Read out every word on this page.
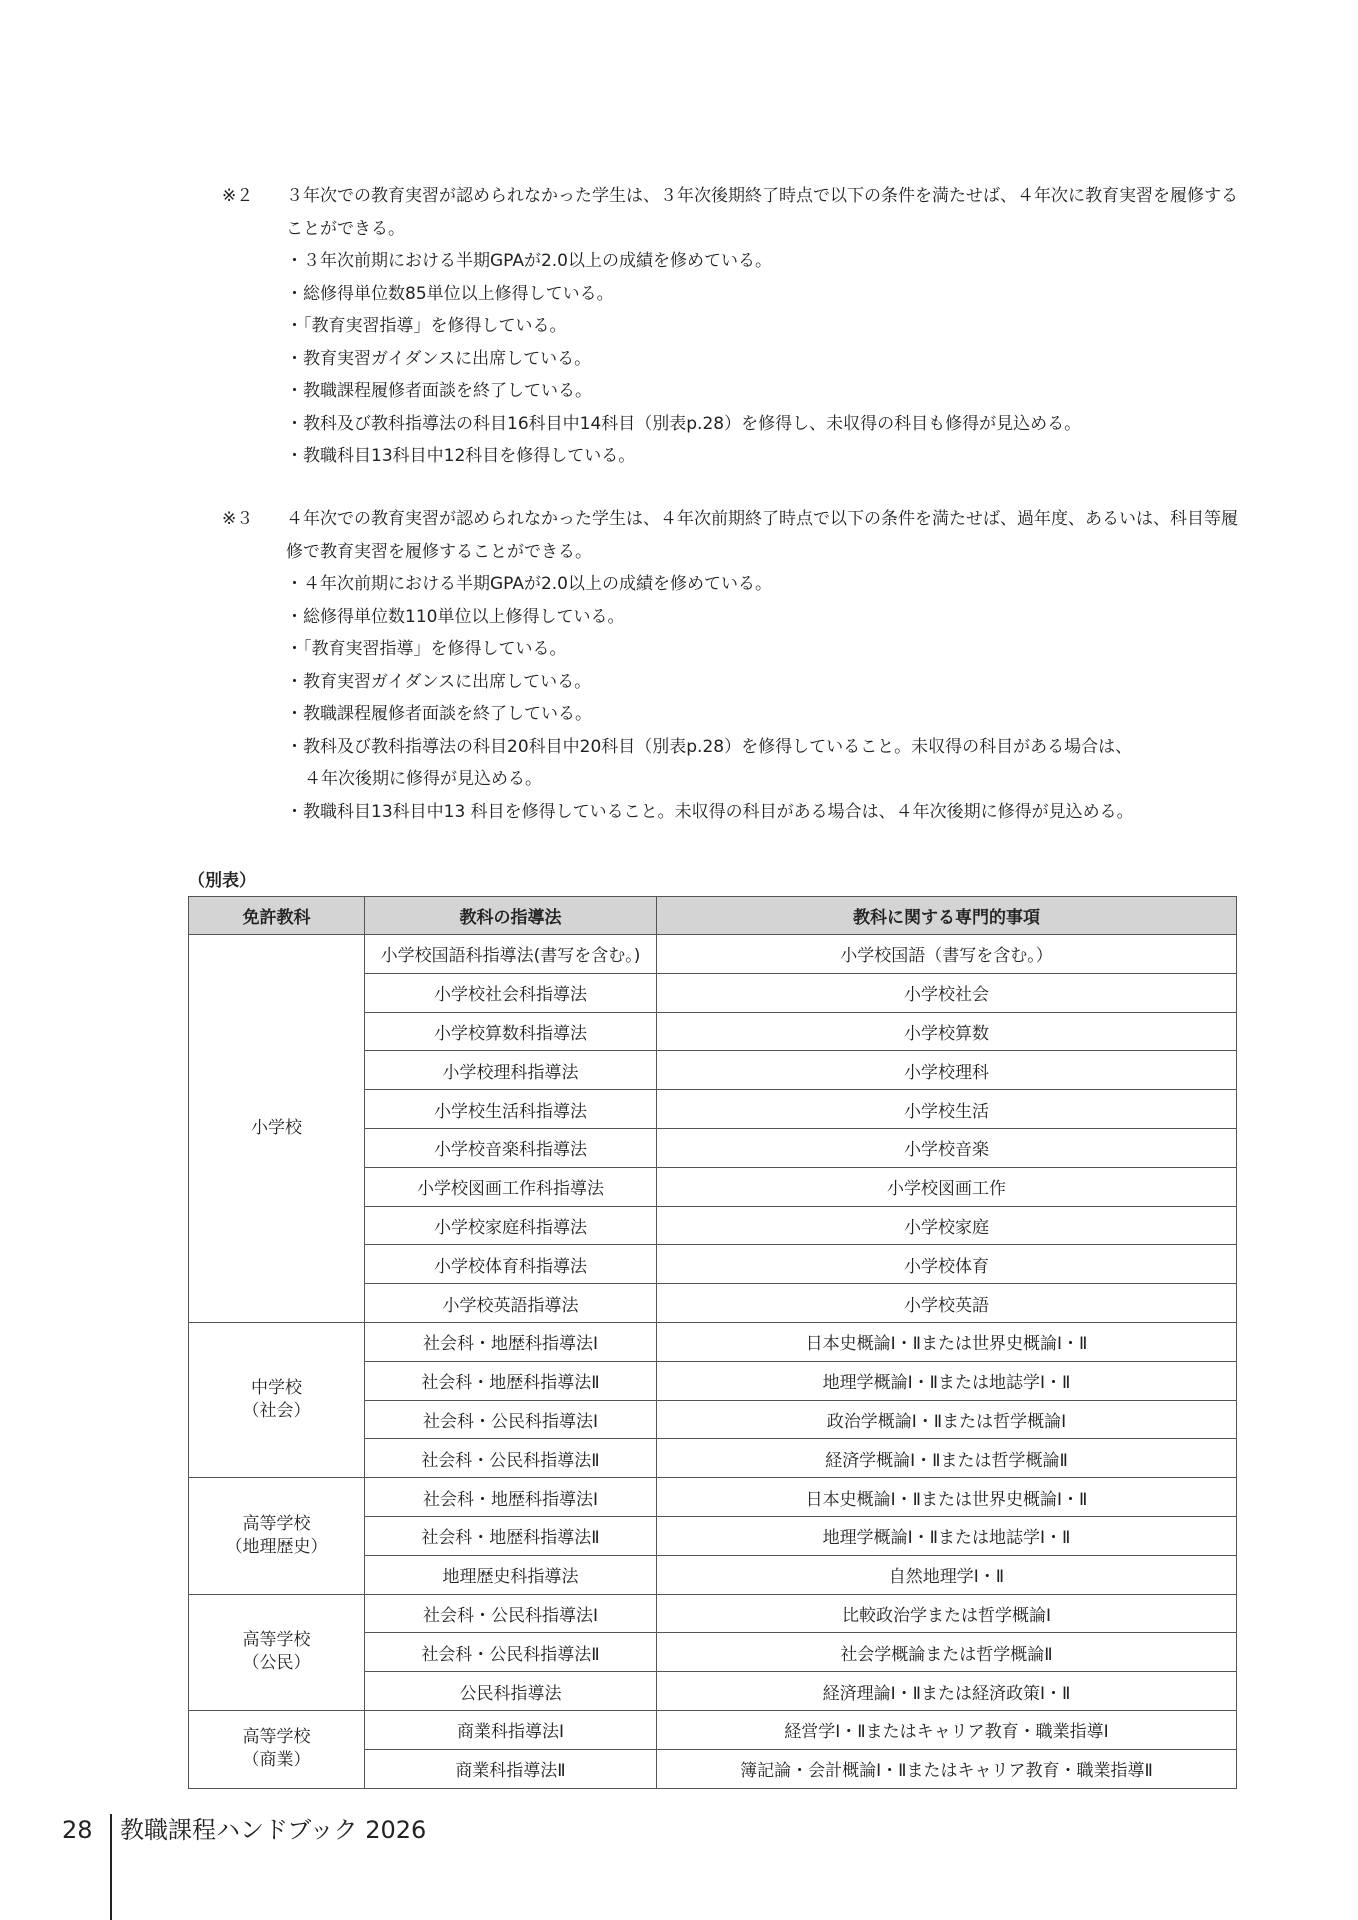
※２	３年次での教育実習が認められなかった学生は、３年次後期終了時点で以下の条件を満たせば、４年次に教育実習を履修することができる。
・３年次前期における半期GPAが2.0以上の成績を修めている。
・総修得単位数85単位以上修得している。
・「教育実習指導」を修得している。
・教育実習ガイダンスに出席している。
・教職課程履修者面談を終了している。
・教科及び教科指導法の科目16科目中14科目（別表p.28）を修得し、未収得の科目も修得が見込める。
・教職科目13科目中12科目を修得している。
※３	４年次での教育実習が認められなかった学生は、４年次前期終了時点で以下の条件を満たせば、過年度、あるいは、科目等履修で教育実習を履修することができる。
・４年次前期における半期GPAが2.0以上の成績を修めている。
・総修得単位数110単位以上修得している。
・「教育実習指導」を修得している。
・教育実習ガイダンスに出席している。
・教職課程履修者面談を終了している。
・教科及び教科指導法の科目20科目中20科目（別表p.28）を修得していること。未収得の科目がある場合は、
４年次後期に修得が見込める。
・教職科目13科目中13 科目を修得していること。未収得の科目がある場合は、４年次後期に修得が見込める。
（別表）
免許教科	教科の指導法	教科に関する専門的事項

小学校	小学校国語科指導法(書写を含む。)	小学校国語（書写を含む。）
	小学校社会科指導法	小学校社会
	小学校算数科指導法	小学校算数
	小学校理科指導法	小学校理科
	小学校生活科指導法	小学校生活
	小学校音楽科指導法	小学校音楽
	小学校図画工作科指導法	小学校図画工作
	小学校家庭科指導法	小学校家庭
	小学校体育科指導法	小学校体育
	小学校英語指導法	小学校英語

中学校
（社会）	社会科・地歴科指導法Ⅰ	日本史概論Ⅰ・Ⅱまたは世界史概論Ⅰ・Ⅱ
	社会科・地歴科指導法Ⅱ	地理学概論Ⅰ・Ⅱまたは地誌学Ⅰ・Ⅱ
	社会科・公民科指導法Ⅰ	政治学概論Ⅰ・Ⅱまたは哲学概論Ⅰ
	社会科・公民科指導法Ⅱ	経済学概論Ⅰ・Ⅱまたは哲学概論Ⅱ

高等学校
（地理歴史）	社会科・地歴科指導法Ⅰ	日本史概論Ⅰ・Ⅱまたは世界史概論Ⅰ・Ⅱ
	社会科・地歴科指導法Ⅱ	地理学概論Ⅰ・Ⅱまたは地誌学Ⅰ・Ⅱ
	地理歴史科指導法	自然地理学Ⅰ・Ⅱ

高等学校
（公民）	社会科・公民科指導法Ⅰ	比較政治学または哲学概論Ⅰ
	社会科・公民科指導法Ⅱ	社会学概論または哲学概論Ⅱ
	公民科指導法	経済理論Ⅰ・Ⅱまたは経済政策Ⅰ・Ⅱ

高等学校
（商業）	商業科指導法Ⅰ	経営学Ⅰ・Ⅱまたはキャリア教育・職業指導Ⅰ
	商業科指導法Ⅱ	簿記論・会計概論Ⅰ・Ⅱまたはキャリア教育・職業指導Ⅱ
28 教職課程ハンドブック 2026
